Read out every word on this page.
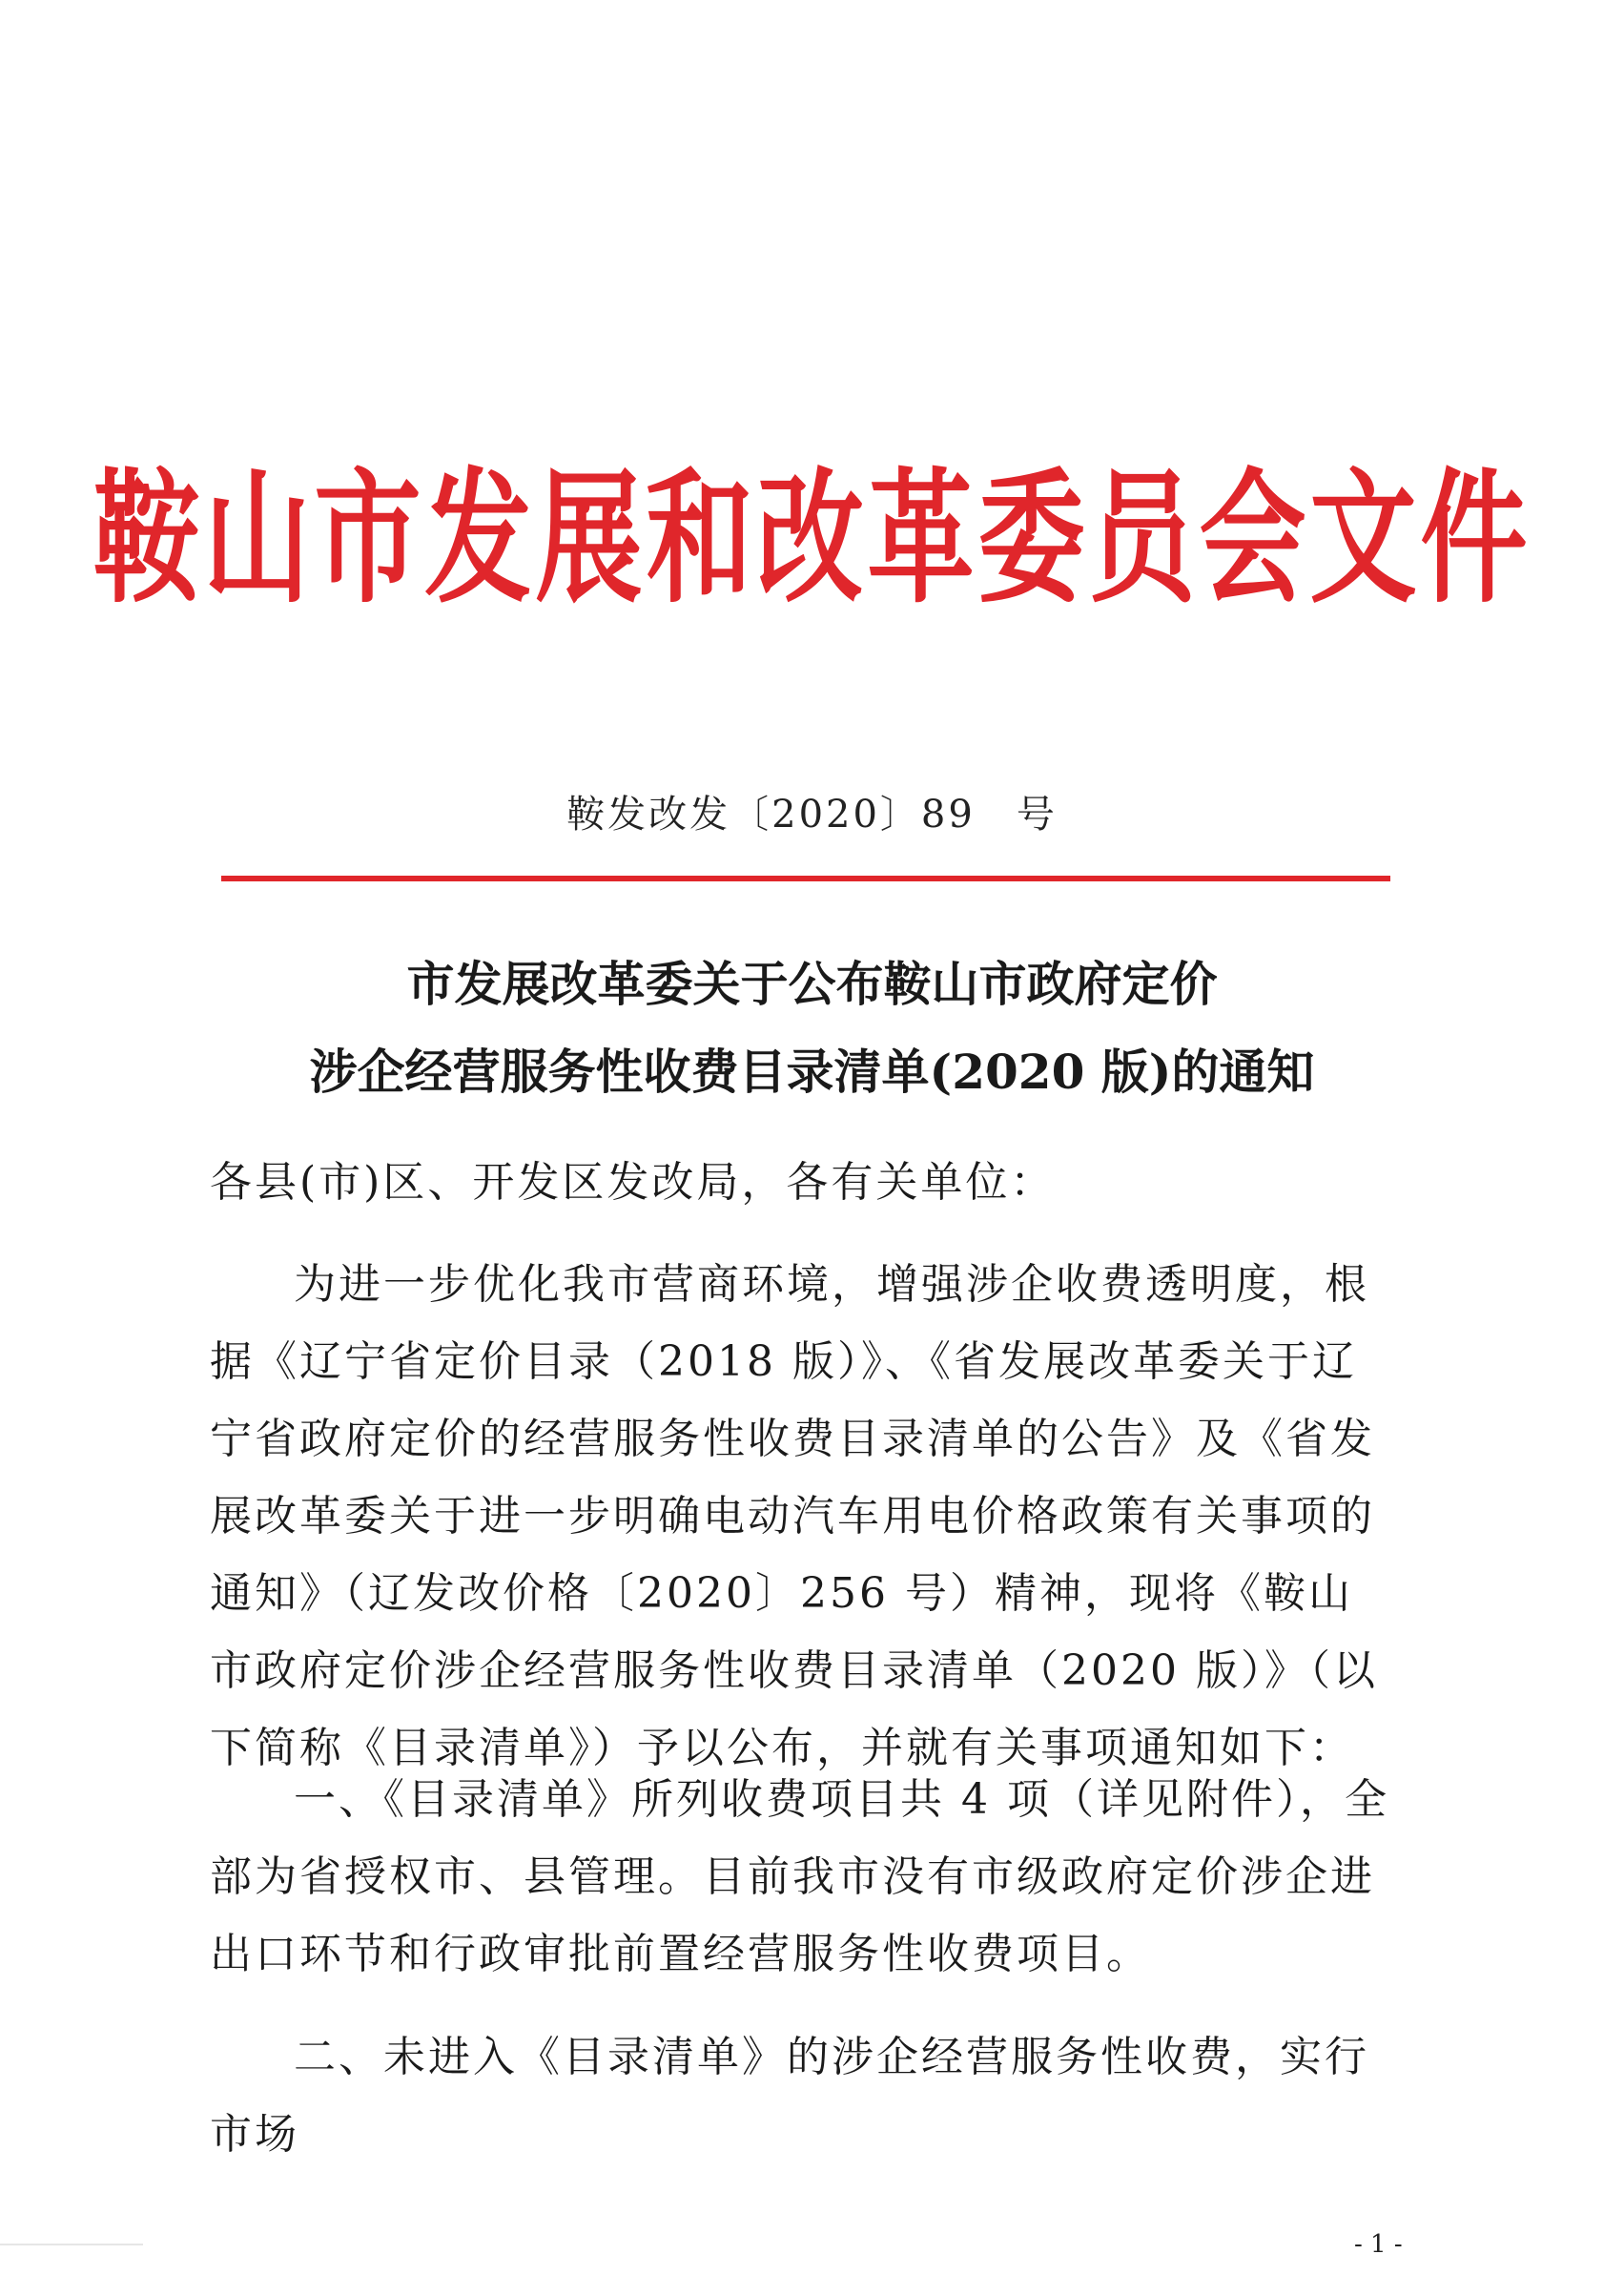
鞍山市发展和改革委员会文件
鞍发改发〔2020〕89　号
市发展改革委关于公布鞍山市政府定价
涉企经营服务性收费目录清单(2020 版)的通知
各县(市)区、开发区发改局，各有关单位：

为进一步优化我市营商环境，增强涉企收费透明度，根据《辽宁省定价目录（2018 版）》、《省发展改革委关于辽宁省政府定价的经营服务性收费目录清单的公告》及《省发展改革委关于进一步明确电动汽车用电价格政策有关事项的通知》（辽发改价格〔2020〕256 号）精神，现将《鞍山市政府定价涉企经营服务性收费目录清单（2020 版）》（以下简称《目录清单》）予以公布，并就有关事项通知如下：

一、《目录清单》所列收费项目共 4 项（详见附件），全部为省授权市、县管理。目前我市没有市级政府定价涉企进出口环节和行政审批前置经营服务性收费项目。

二、未进入《目录清单》的涉企经营服务性收费，实行市场

- 1 -
